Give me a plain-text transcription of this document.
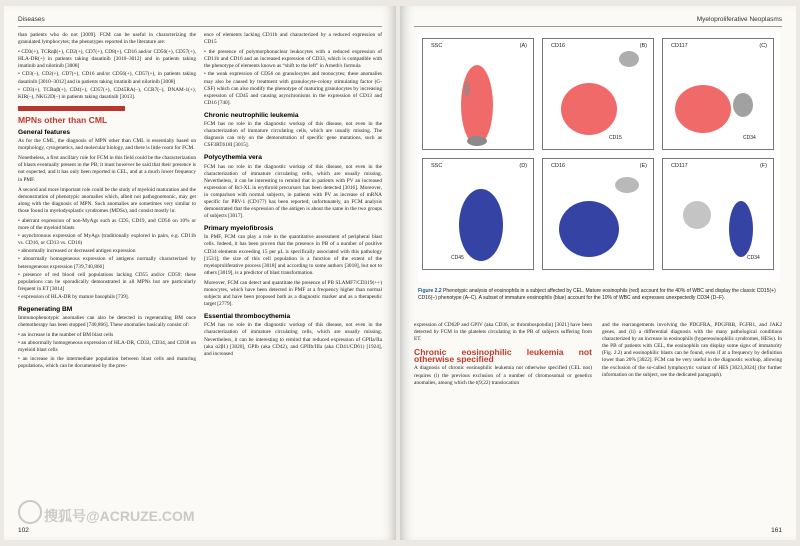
Diseases

than patients who do not [3009]. FCM can be useful in characterizing the granulated lymphocytes; the phenotypes reported in the literature are:

• CD3(+), TCRαβ(+), CD2(+), CD7(+), CD8(+), CD16 and/or CD56(+), CD57(+), HLA-DR(+) in patients taking dasatinib [3010–3012] and in patients taking imatinib and nilotinib [3008]
• CD3(–), CD2(+), CD7(+), CD16 and/or CD56(+), CD57(+), in patients taking dasatinib [3010–3012] and in patients taking imatinib and nilotinib [3008]
• CD3(+), TCRαβ(+), CD4(+), CD57(+), CD45RA(–), CCR7(–), DNAM-1(+), KIR(–), NKG2D(–) in patients taking dasatinib [3013].
MPNs other than CML
General features

As for the CML, the diagnosis of MPN other than CML is essentially based on morphology, cytogenetics, and molecular biology, and there is little room for FCM.

Nonetheless, a first ancillary role for FCM in this field could be the characterization of blasts eventually present in the PB; it must however be said that their presence is not expected, and it has only been reported in CEL, and at a much lower frequency in PMF.

A second and more important role could be the study of myeloid maturation and the demonstration of phenotypic anomalies which, albeit not pathognomonic, may get along with the diagnosis of MPN. Such anomalies are sometimes very similar to those found in myelodysplastic syndromes (MDSs), and consist mostly in:

• aberrant expression of non-MyAgs such as CD5, CD19, and CD56 on 10% or more of the myeloid blasts
• asynchronous expression of MyAgs (traditionally explored in pairs, e.g. CD11b vs. CD16, or CD13 vs. CD16)
• abnormally increased or decreased antigen expression
• abnormally homogeneous expression of antigens normally characterized by heterogeneous expression [739,740,866]
• presence of red blood cell populations lacking CD55 and/or CD59: these populations can be sporadically demonstrated in all MPNs but are particularly frequent in ET [3014]
• expression of HLA-DR by mature basophils [739].
Regenerating BM

Immunophenotypic anomalies can also be detected in regenerating BM once chemotherapy has been stopped [740,866]. These anomalies basically consist of:

• an increase in the number of BM blast cells
• an abnormally homogeneous expression of HLA-DR, CD33, CD34, and CD38 on myeloid blast cells
• an increase in the intermediate population between blast cells and maturing populations, which can be documented by the pres-

ence of elements lacking CD11b and characterized by a reduced expression of CD15

• the presence of polymorphonuclear leukocytes with a reduced expression of CD11b and CD16 and an increased expression of CD33, which is compatible with the phenotype of elements known as “shift to the left” in Arneth's formula
• the weak expression of CD56 on granulocytes and monocytes; these anomalies may also be caused by treatment with granulocyte-colony stimulating factor (G-CSF) which can also modify the phenotype of maturing granulocytes by increasing expression of CD45 and causing asynchronisms in the expression of CD13 and CD16 [740].
Chronic neutrophilic leukemia

FCM has no role in the diagnostic workup of this disease, not even in the characterization of immature circulating cells, which are usually missing. The diagnosis can rely on the demonstration of specific gene mutations, such as CSF3RT618I [3015].

Polycythemia vera

FCM has no role in the diagnostic workup of this disease, not even in the characterization of immature circulating cells, which are usually missing. Nevertheless, it can be interesting to remind that in patients with PV an increased expression of Bcl-XL in erythroid precursors has been detected [3016]. Moreover, in comparison with normal subjects, in patients with PV as increase of mRNA specific for PRV-1 (CD177) has been reported; unfortunately, an FCM analysis demonstrated that the expression of the antigen is about the same in the two groups of subjects [3017].

Primary myelofibrosis

In PMF, FCM can play a role in the quantitative assessment of peripheral blast cells. Indeed, it has been proven that the presence in PB of a number of positive CD34 elements exceeding 15 per μL is specifically associated with this pathology [1531]; the size of this cell population is a function of the extent of the myeloproliferative process [3018] and according to some authors [3018], but not to others [3019], is a predictor of blast transformation.

Moreover, FCM can detect and quantitate the presence of PB SLAMF7/CD319(++) monocytes, which have been detected in PMF at a frequency higher than normal subjects and have been proposed both as a diagnostic marker and as a therapeutic target [2779].

Essential thrombocythemia

FCM has no role in the diagnostic workup of this disease, not even in the characterization of immature circulating cells, which are usually missing. Nevertheless, it can be interesting to remind that reduced expression of GPIIa/IIa (aka α2β1) [3020], GPIb (aka CD42), and GPIIb/IIIa (aka CD41/CD61) [1924], and increased

搜狐号@ACRUZE.COM
102
Myeloproliferative Neoplasms
SSC	(A)	CD16	(B)
CD15
CD117	(C)
CD34
SSC	(D)
CD45
CD16	(E)	CD117	(F)
CD34
Figure 2.2 Phenotypic analysis of eosinophils in a subject affected by CEL. Mature eosinophils (red) account for the 40% of WBC and display the classic CD15(+) CD16(–) phenotype (A–C). A subset of immature eosinophils (blue) account for the 10% of WBC and expresses unexpectedly CD34 (D–F).

expression of CD62P and GPIV (aka CD36, or thrombospondin) [3021] have been detected by FCM in the platelets circulating in the PB of subjects suffering from ET.

Chronic eosinophilic leukemia not otherwise specified

A diagnosis of chronic eosinophilic leukemia not otherwise specified (CEL nos) requires (i) the previous exclusion of a number of chromosomal or genetics anomalies, among which the t(9;22) translocation

and the rearrangements involving the PDGFRA, PDGFRB, FGFR1, and JAK2 genes, and (ii) a differential diagnosis with the many pathological conditions characterized by an increase in eosinophils (hypereosinophilic syndromes, HESs). In the PB of patients with CEL, the eosinophils can display some signs of immaturity (Fig. 2.2) and eosinophilic blasts can be found, even if at a frequency by definition lower than 20% [3022]. FCM can be very useful in the diagnostic workup, allowing the exclusion of the so-called lymphocytic variant of HES [3023,3024] (for further information on the subject, see the dedicated paragraph).

161
